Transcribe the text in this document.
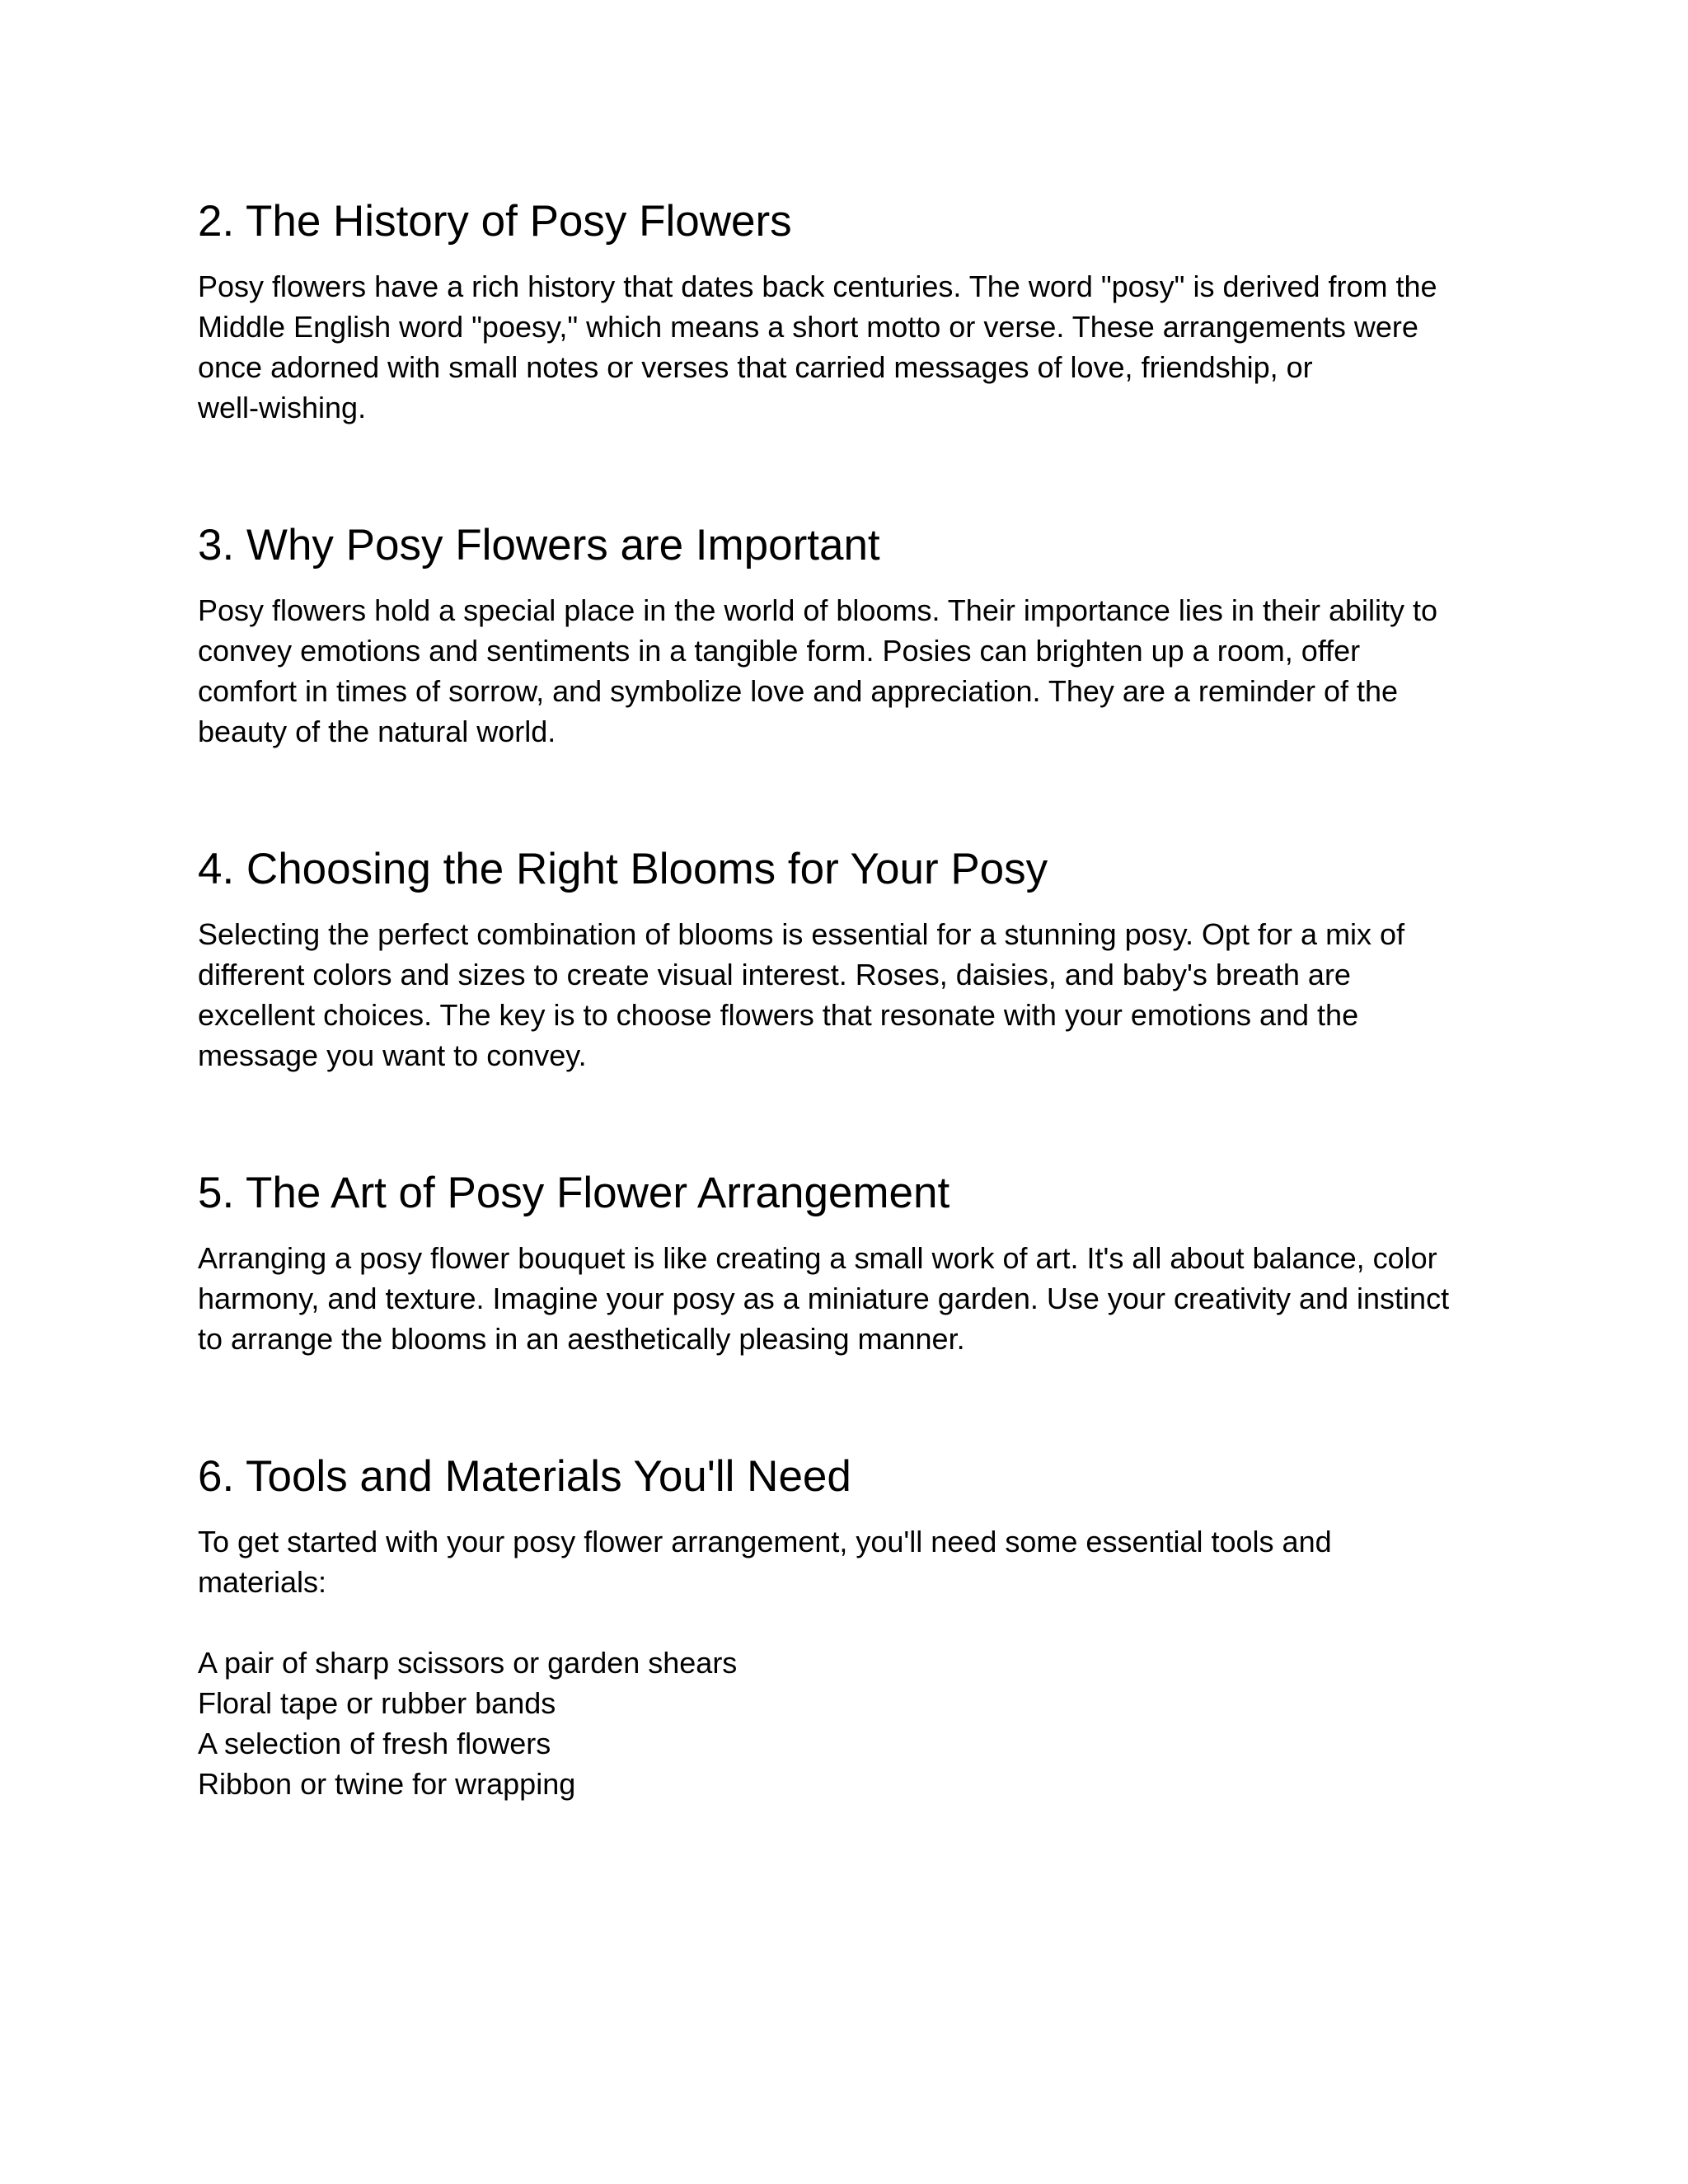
2. The History of Posy Flowers

Posy flowers have a rich history that dates back centuries. The word "posy" is derived from the
Middle English word "poesy," which means a short motto or verse. These arrangements were
once adorned with small notes or verses that carried messages of love, friendship, or
well-wishing.

3. Why Posy Flowers are Important

Posy flowers hold a special place in the world of blooms. Their importance lies in their ability to
convey emotions and sentiments in a tangible form. Posies can brighten up a room, offer
comfort in times of sorrow, and symbolize love and appreciation. They are a reminder of the
beauty of the natural world.

4. Choosing the Right Blooms for Your Posy

Selecting the perfect combination of blooms is essential for a stunning posy. Opt for a mix of
different colors and sizes to create visual interest. Roses, daisies, and baby's breath are
excellent choices. The key is to choose flowers that resonate with your emotions and the
message you want to convey.

5. The Art of Posy Flower Arrangement

Arranging a posy flower bouquet is like creating a small work of art. It's all about balance, color
harmony, and texture. Imagine your posy as a miniature garden. Use your creativity and instinct
to arrange the blooms in an aesthetically pleasing manner.

6. Tools and Materials You'll Need

To get started with your posy flower arrangement, you'll need some essential tools and
materials:

A pair of sharp scissors or garden shears
Floral tape or rubber bands
A selection of fresh flowers
Ribbon or twine for wrapping
